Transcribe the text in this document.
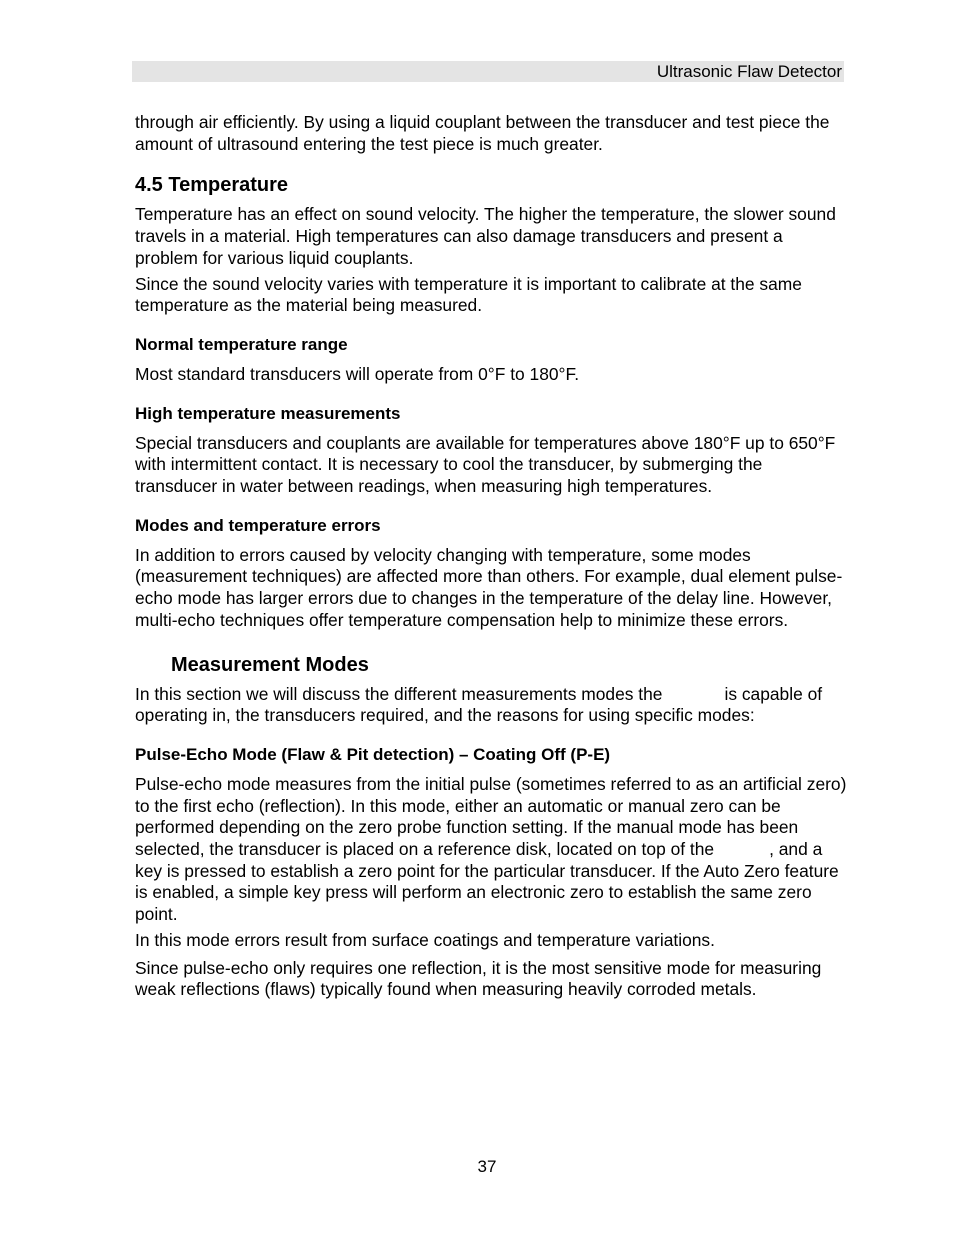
Ultrasonic Flaw Detector

through air efficiently. By using a liquid couplant between the transducer and test piece the amount of ultrasound entering the test piece is much greater.

4.5 Temperature

Temperature has an effect on sound velocity. The higher the temperature, the slower sound travels in a material. High temperatures can also damage transducers and present a problem for various liquid couplants.

Since the sound velocity varies with temperature it is important to calibrate at the same temperature as the material being measured.

Normal temperature range

Most standard transducers will operate from 0°F to 180°F.

High temperature measurements

Special transducers and couplants are available for temperatures above 180°F up to 650°F with intermittent contact. It is necessary to cool the transducer, by submerging the transducer in water between readings, when measuring high temperatures.

Modes and temperature errors

In addition to errors caused by velocity changing with temperature, some modes (measurement techniques) are affected more than others. For example, dual element pulse-echo mode has larger errors due to changes in the temperature of the delay line. However, multi-echo techniques offer temperature compensation help to minimize these errors.

Measurement Modes

In this section we will discuss the different measurements modes the	is capable of operating in, the transducers required, and the reasons for using specific modes:

Pulse-Echo Mode (Flaw & Pit detection) – Coating Off (P-E)

Pulse-echo mode measures from the initial pulse (sometimes referred to as an artificial zero) to the first echo (reflection). In this mode, either an automatic or manual zero can be performed depending on the zero probe function setting. If the manual mode has been selected, the transducer is placed on a reference disk, located on top of the	, and a key is pressed to establish a zero point for the particular transducer. If the Auto Zero feature is enabled, a simple key press will perform an electronic zero to establish the same zero point.

In this mode errors result from surface coatings and temperature variations.

Since pulse-echo only requires one reflection, it is the most sensitive mode for measuring weak reflections (flaws) typically found when measuring heavily corroded metals.

37
